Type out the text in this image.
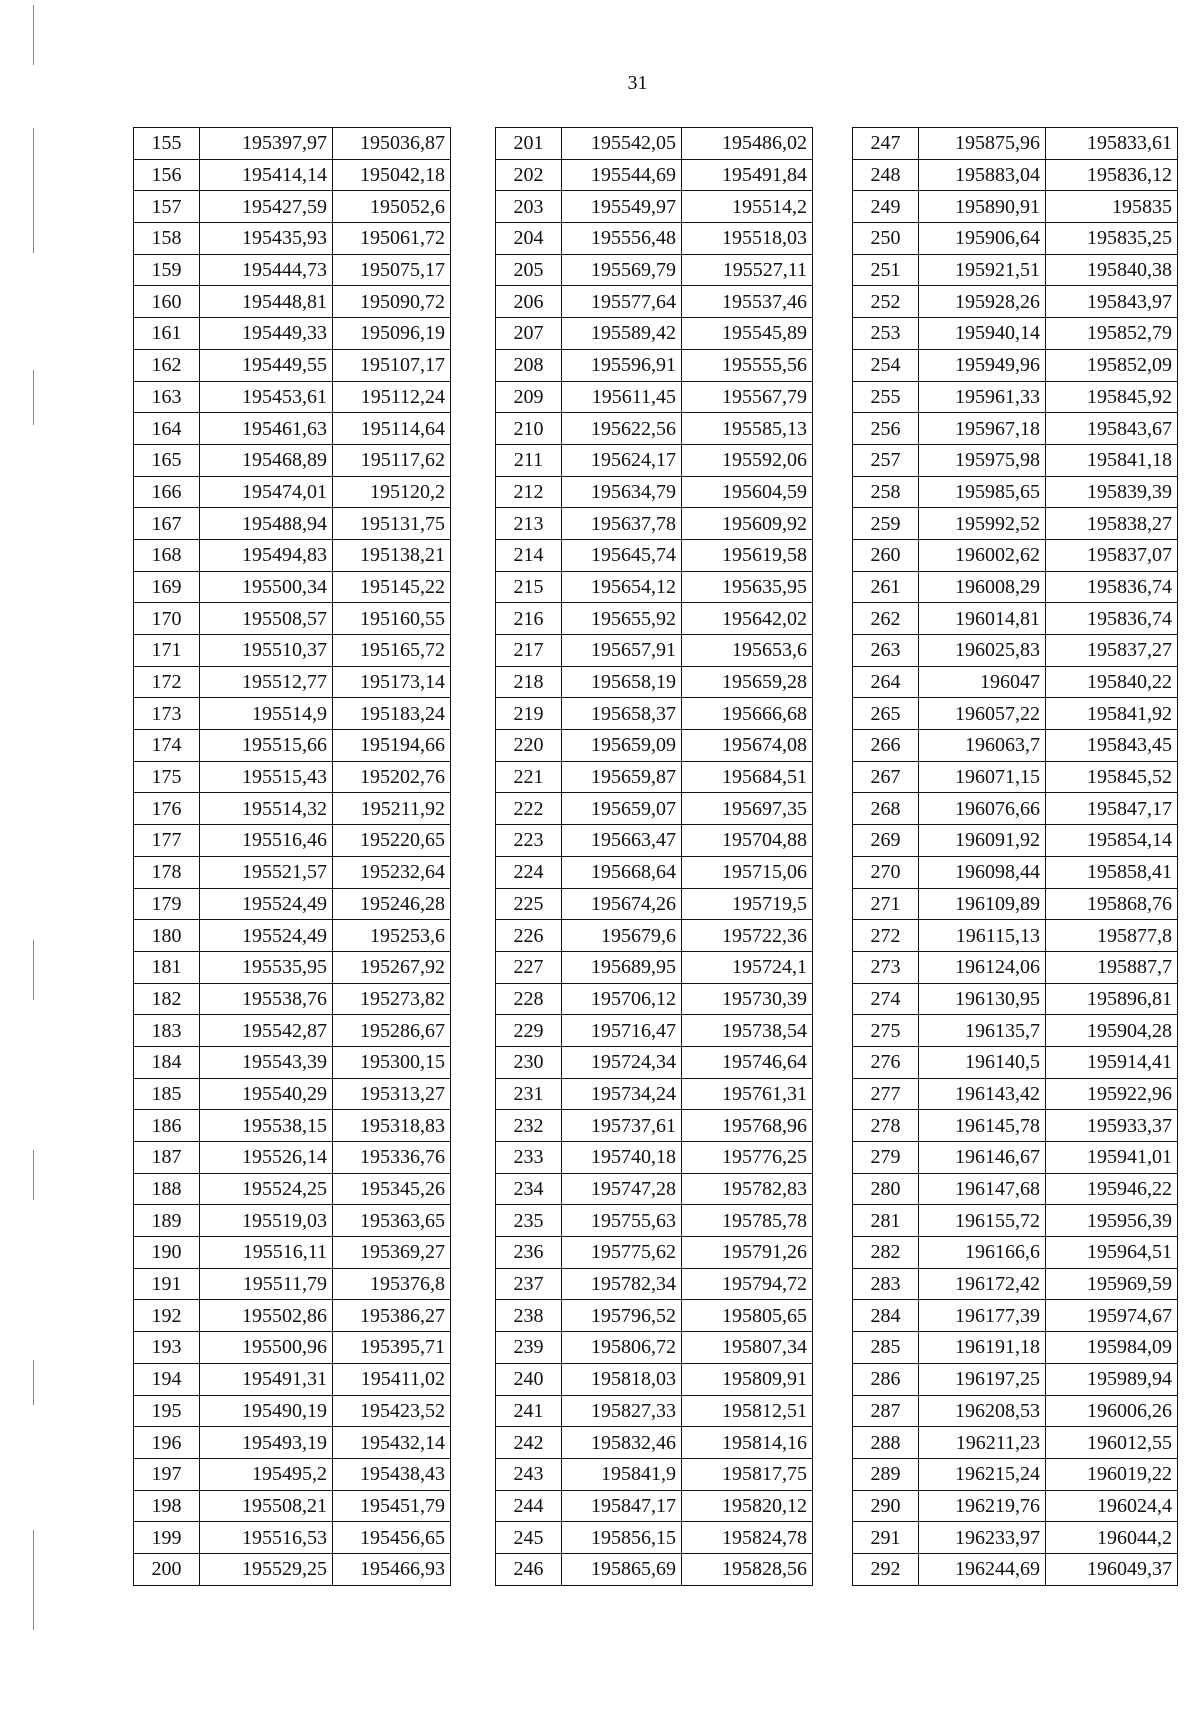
31
155	195397,97	195036,87
156	195414,14	195042,18
157	195427,59	195052,6
158	195435,93	195061,72
159	195444,73	195075,17
160	195448,81	195090,72
161	195449,33	195096,19
162	195449,55	195107,17
163	195453,61	195112,24
164	195461,63	195114,64
165	195468,89	195117,62
166	195474,01	195120,2
167	195488,94	195131,75
168	195494,83	195138,21
169	195500,34	195145,22
170	195508,57	195160,55
171	195510,37	195165,72
172	195512,77	195173,14
173	195514,9	195183,24
174	195515,66	195194,66
175	195515,43	195202,76
176	195514,32	195211,92
177	195516,46	195220,65
178	195521,57	195232,64
179	195524,49	195246,28
180	195524,49	195253,6
181	195535,95	195267,92
182	195538,76	195273,82
183	195542,87	195286,67
184	195543,39	195300,15
185	195540,29	195313,27
186	195538,15	195318,83
187	195526,14	195336,76
188	195524,25	195345,26
189	195519,03	195363,65
190	195516,11	195369,27
191	195511,79	195376,8
192	195502,86	195386,27
193	195500,96	195395,71
194	195491,31	195411,02
195	195490,19	195423,52
196	195493,19	195432,14
197	195495,2	195438,43
198	195508,21	195451,79
199	195516,53	195456,65
200	195529,25	195466,93
201	195542,05	195486,02
202	195544,69	195491,84
203	195549,97	195514,2
204	195556,48	195518,03
205	195569,79	195527,11
206	195577,64	195537,46
207	195589,42	195545,89
208	195596,91	195555,56
209	195611,45	195567,79
210	195622,56	195585,13
211	195624,17	195592,06
212	195634,79	195604,59
213	195637,78	195609,92
214	195645,74	195619,58
215	195654,12	195635,95
216	195655,92	195642,02
217	195657,91	195653,6
218	195658,19	195659,28
219	195658,37	195666,68
220	195659,09	195674,08
221	195659,87	195684,51
222	195659,07	195697,35
223	195663,47	195704,88
224	195668,64	195715,06
225	195674,26	195719,5
226	195679,6	195722,36
227	195689,95	195724,1
228	195706,12	195730,39
229	195716,47	195738,54
230	195724,34	195746,64
231	195734,24	195761,31
232	195737,61	195768,96
233	195740,18	195776,25
234	195747,28	195782,83
235	195755,63	195785,78
236	195775,62	195791,26
237	195782,34	195794,72
238	195796,52	195805,65
239	195806,72	195807,34
240	195818,03	195809,91
241	195827,33	195812,51
242	195832,46	195814,16
243	195841,9	195817,75
244	195847,17	195820,12
245	195856,15	195824,78
246	195865,69	195828,56
247	195875,96	195833,61
248	195883,04	195836,12
249	195890,91	195835
250	195906,64	195835,25
251	195921,51	195840,38
252	195928,26	195843,97
253	195940,14	195852,79
254	195949,96	195852,09
255	195961,33	195845,92
256	195967,18	195843,67
257	195975,98	195841,18
258	195985,65	195839,39
259	195992,52	195838,27
260	196002,62	195837,07
261	196008,29	195836,74
262	196014,81	195836,74
263	196025,83	195837,27
264	196047	195840,22
265	196057,22	195841,92
266	196063,7	195843,45
267	196071,15	195845,52
268	196076,66	195847,17
269	196091,92	195854,14
270	196098,44	195858,41
271	196109,89	195868,76
272	196115,13	195877,8
273	196124,06	195887,7
274	196130,95	195896,81
275	196135,7	195904,28
276	196140,5	195914,41
277	196143,42	195922,96
278	196145,78	195933,37
279	196146,67	195941,01
280	196147,68	195946,22
281	196155,72	195956,39
282	196166,6	195964,51
283	196172,42	195969,59
284	196177,39	195974,67
285	196191,18	195984,09
286	196197,25	195989,94
287	196208,53	196006,26
288	196211,23	196012,55
289	196215,24	196019,22
290	196219,76	196024,4
291	196233,97	196044,2
292	196244,69	196049,37
